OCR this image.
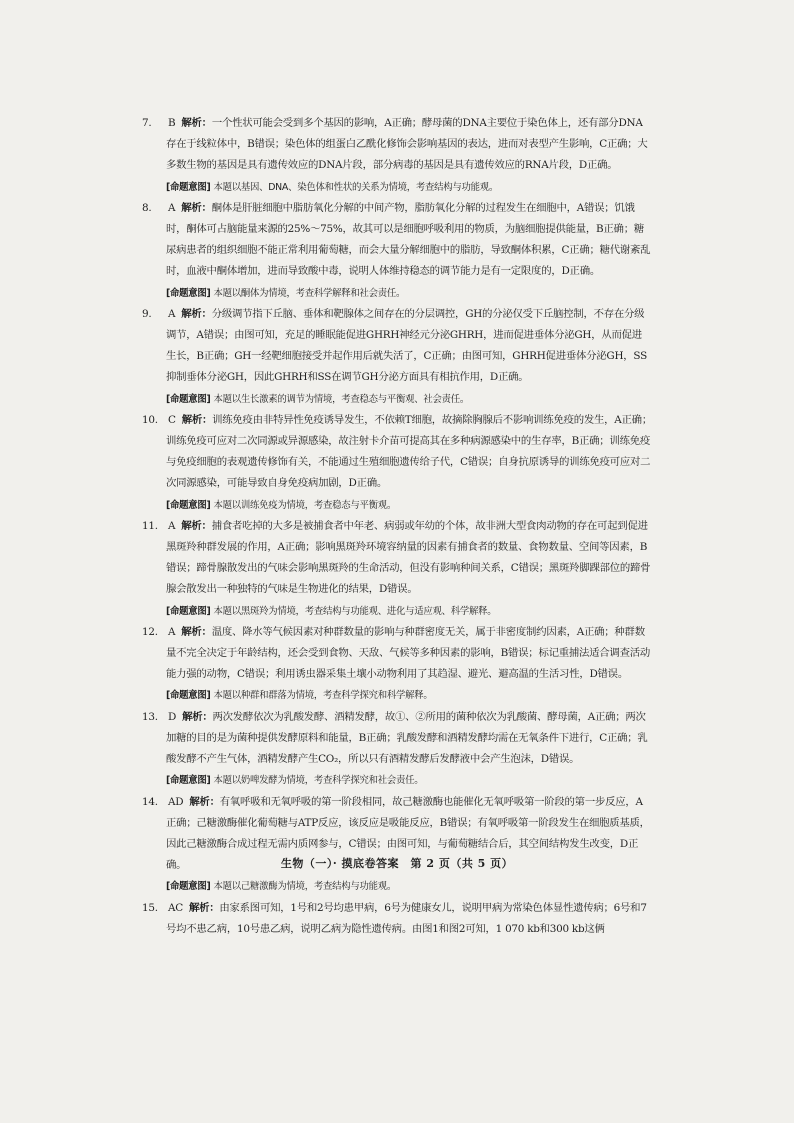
7. B 解析：一个性状可能会受到多个基因的影响，A正确；酵母菌的DNA主要位于染色体上，还有部分DNA存在于线粒体中，B错误；染色体的组蛋白乙酰化修饰会影响基因的表达，进而对表型产生影响，C正确；大多数生物的基因是具有遗传效应的DNA片段，部分病毒的基因是具有遗传效应的RNA片段，D正确。
[命题意图] 本题以基因、DNA、染色体和性状的关系为情境，考查结构与功能观。
8. A 解析：酮体是肝脏细胞中脂肪氧化分解的中间产物，脂肪氧化分解的过程发生在细胞中，A错误；饥饿时，酮体可占脑能量来源的25%～75%，故其可以是细胞呼吸利用的物质，为脑细胞提供能量，B正确；糖尿病患者的组织细胞不能正常利用葡萄糖，而会大量分解细胞中的脂肪，导致酮体积累，C正确；糖代谢紊乱时，血液中酮体增加，进而导致酸中毒，说明人体维持稳态的调节能力是有一定限度的，D正确。
[命题意图] 本题以酮体为情境，考查科学解释和社会责任。
9. A 解析：分级调节指下丘脑、垂体和靶腺体之间存在的分层调控，GH的分泌仅受下丘脑控制，不存在分级调节，A错误；由图可知，充足的睡眠能促进GHRH神经元分泌GHRH，进而促进垂体分泌GH，从而促进生长，B正确；GH一经靶细胞接受并起作用后就失活了，C正确；由图可知，GHRH促进垂体分泌GH，SS抑制垂体分泌GH，因此GHRH和SS在调节GH分泌方面具有相抗作用，D正确。
[命题意图] 本题以生长激素的调节为情境，考查稳态与平衡观、社会责任。
10. C 解析：训练免疫由非特异性免疫诱导发生，不依赖T细胞，故摘除胸腺后不影响训练免疫的发生，A正确；训练免疫可应对二次同源或异源感染，故注射卡介苗可提高其在多种病源感染中的生存率，B正确；训练免疫与免疫细胞的表观遗传修饰有关，不能通过生殖细胞遗传给子代，C错误；自身抗原诱导的训练免疫可应对二次同源感染，可能导致自身免疫病加剧，D正确。
[命题意图] 本题以训练免疫为情境，考查稳态与平衡观。
11. A 解析：捕食者吃掉的大多是被捕食者中年老、病弱或年幼的个体，故非洲大型食肉动物的存在可起到促进黑斑羚种群发展的作用，A正确；影响黑斑羚环境容纳量的因素有捕食者的数量、食物数量、空间等因素，B错误；蹄骨腺散发出的气味会影响黑斑羚的生命活动，但没有影响种间关系，C错误；黑斑羚脚踝部位的蹄骨腺会散发出一种独特的气味是生物进化的结果，D错误。
[命题意图] 本题以黑斑羚为情境，考查结构与功能观、进化与适应观、科学解释。
12. A 解析：温度、降水等气候因素对种群数量的影响与种群密度无关，属于非密度制约因素，A正确；种群数量不完全决定于年龄结构，还会受到食物、天敌、气候等多种因素的影响，B错误；标记重捕法适合调查活动能力强的动物，C错误；利用诱虫器采集土壤小动物利用了其趋湿、避光、避高温的生活习性，D错误。
[命题意图] 本题以种群和群落为情境，考查科学探究和科学解释。
13. D 解析：两次发酵依次为乳酸发酵、酒精发酵，故①、②所用的菌种依次为乳酸菌、酵母菌，A正确；两次加糖的目的是为菌种提供发酵原料和能量，B正确；乳酸发酵和酒精发酵均需在无氧条件下进行，C正确；乳酸发酵不产生气体，酒精发酵产生CO₂，所以只有酒精发酵后发酵液中会产生泡沫，D错误。
[命题意图] 本题以奶啤发酵为情境，考查科学探究和社会责任。
14. AD 解析：有氧呼吸和无氧呼吸的第一阶段相同，故己糖激酶也能催化无氧呼吸第一阶段的第一步反应，A正确；己糖激酶催化葡萄糖与ATP反应，该反应是吸能反应，B错误；有氧呼吸第一阶段发生在细胞质基质，因此己糖激酶合成过程无需内质网参与，C错误；由图可知，与葡萄糖结合后，其空间结构发生改变，D正确。
[命题意图] 本题以己糖激酶为情境，考查结构与功能观。
15. AC 解析：由家系图可知，1号和2号均患甲病，6号为健康女儿，说明甲病为常染色体显性遗传病；6号和7号均不患乙病，10号患乙病，说明乙病为隐性遗传病。由图1和图2可知，1 070 kb和300 kb这俩
生物（一）· 摸底卷答案　第 2 页（共 5 页）
